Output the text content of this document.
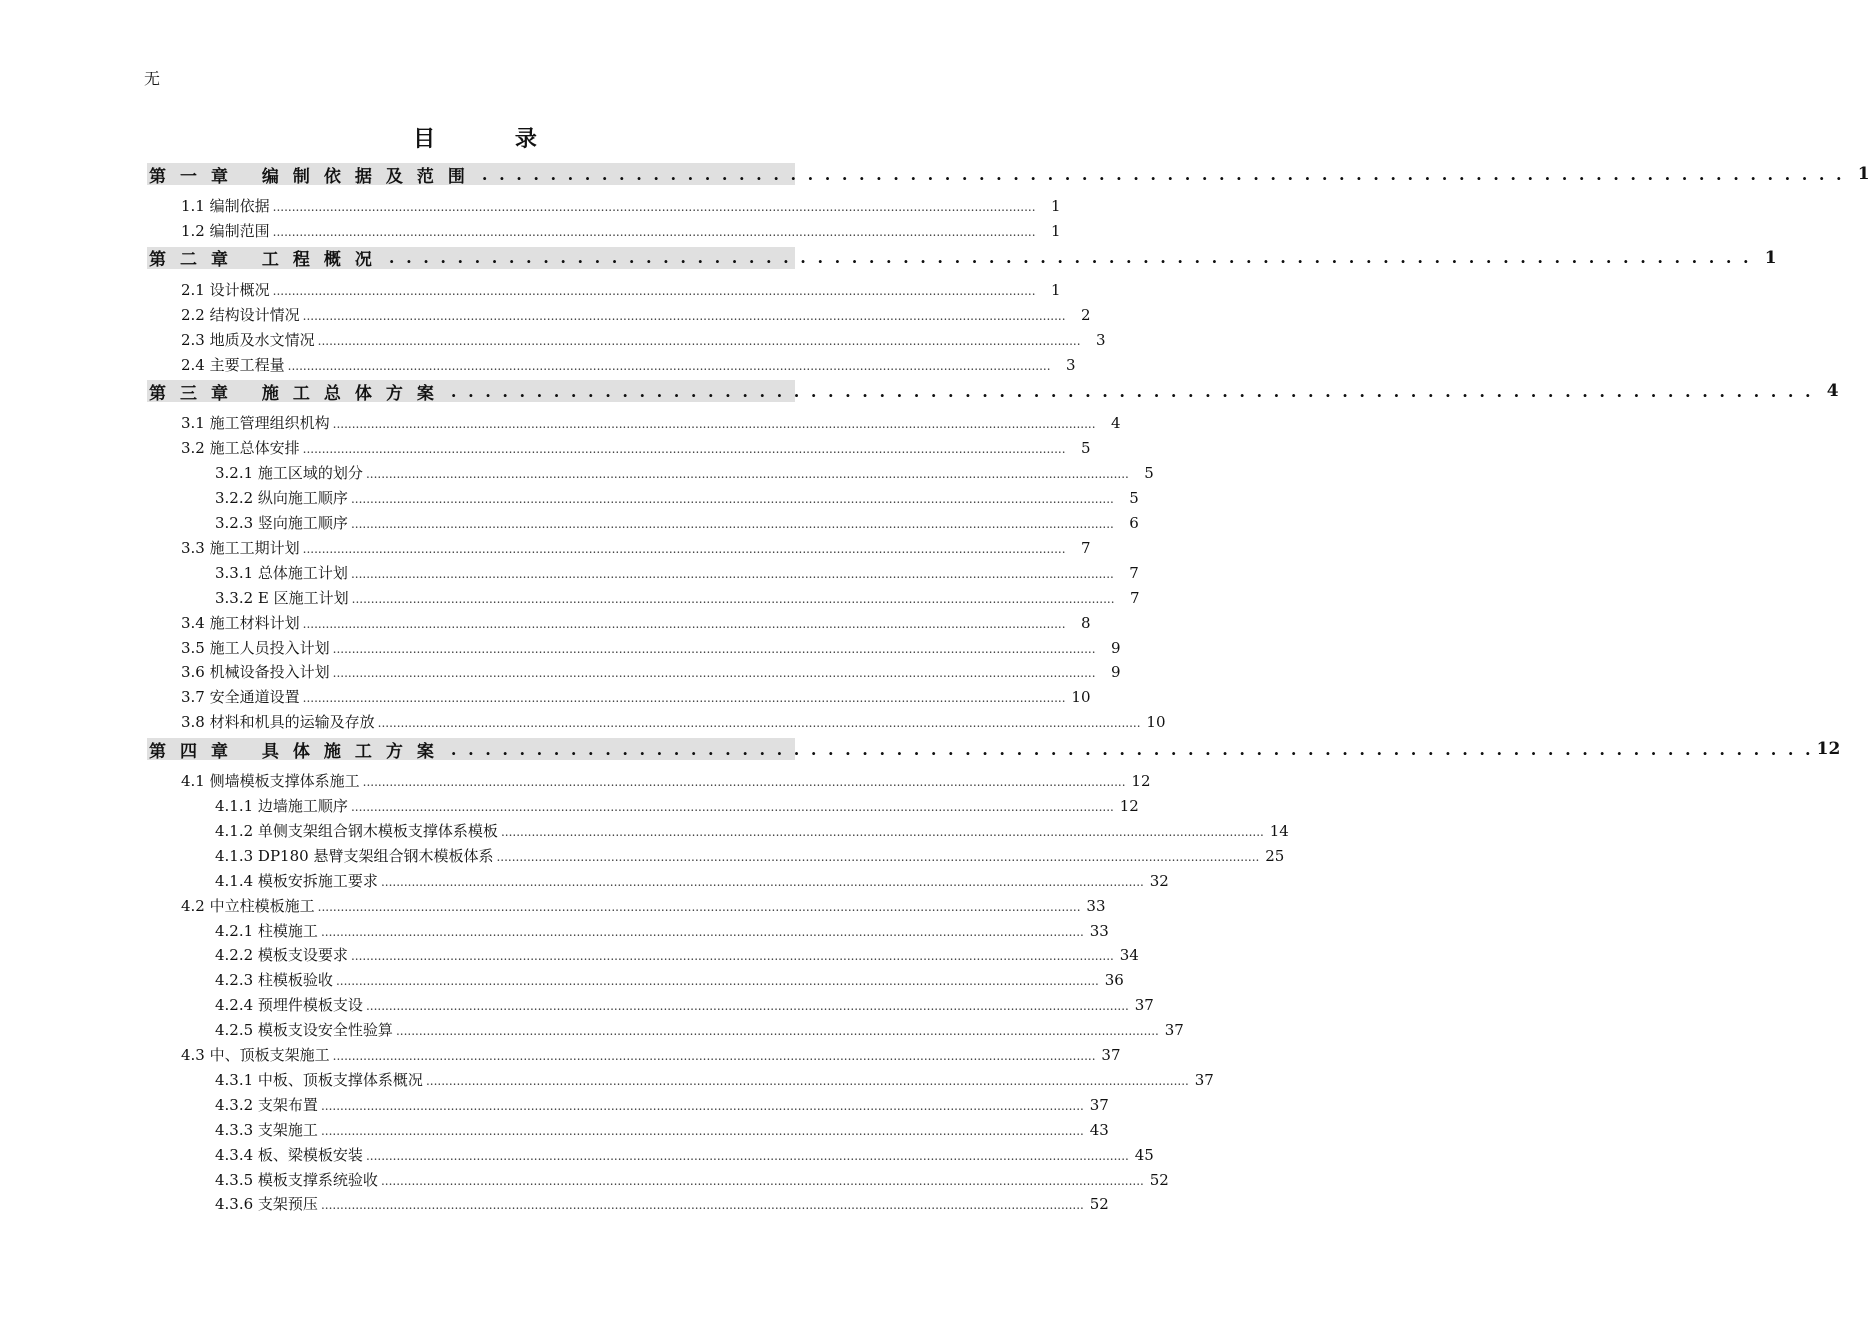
无
目 录
第一章 编制依据及范围 . . . . . . . . . . . . . . . . . . . . . . . . . . . . . . . . . . . . . . . . . . . . . . . . . . . . . . . . . . . . . . . . . . . . . . . . . . . . . . . . 1
1.1 编制依据 ........................................................................................................................................................................................................	1
1.2 编制范围 ........................................................................................................................................................................................................	1
第二章 工程概况 . . . . . . . . . . . . . . . . . . . . . . . . . . . . . . . . . . . . . . . . . . . . . . . . . . . . . . . . . . . . . . . . . . . . . . . . . . . . . . . . 1
2.1 设计概况 ........................................................................................................................................................................................................	1
2.2 结构设计情况 ........................................................................................................................................................................................................	2
2.3 地质及水文情况 ........................................................................................................................................................................................................	3
2.4 主要工程量 ........................................................................................................................................................................................................	3
第三章 施工总体方案 . . . . . . . . . . . . . . . . . . . . . . . . . . . . . . . . . . . . . . . . . . . . . . . . . . . . . . . . . . . . . . . . . . . . . . . . . . . . . . . . 4
3.1 施工管理组织机构 ........................................................................................................................................................................................................	4
3.2 施工总体安排 ........................................................................................................................................................................................................	5
3.2.1 施工区域的划分 ........................................................................................................................................................................................................	5
3.2.2 纵向施工顺序 ........................................................................................................................................................................................................	5
3.2.3 竖向施工顺序 ........................................................................................................................................................................................................	6
3.3 施工工期计划 ........................................................................................................................................................................................................	7
3.3.1 总体施工计划 ........................................................................................................................................................................................................	7
3.3.2 E 区施工计划 ........................................................................................................................................................................................................	7
3.4 施工材料计划 ........................................................................................................................................................................................................	8
3.5 施工人员投入计划 ........................................................................................................................................................................................................	9
3.6 机械设备投入计划 ........................................................................................................................................................................................................	9
3.7 安全通道设置 ........................................................................................................................................................................................................ 10
3.8 材料和机具的运输及存放 ........................................................................................................................................................................................................ 10
第四章 具体施工方案 . . . . . . . . . . . . . . . . . . . . . . . . . . . . . . . . . . . . . . . . . . . . . . . . . . . . . . . . . . . . . . . . . . . . . . . . . . . . . . . . 12
4.1 侧墙模板支撑体系施工 ........................................................................................................................................................................................................ 12
4.1.1 边墙施工顺序 ........................................................................................................................................................................................................ 12
4.1.2 单侧支架组合钢木模板支撑体系模板 ........................................................................................................................................................................................................ 14
4.1.3 DP180 悬臂支架组合钢木模板体系 ........................................................................................................................................................................................................ 25
4.1.4 模板安拆施工要求 ........................................................................................................................................................................................................ 32
4.2 中立柱模板施工 ........................................................................................................................................................................................................ 33
4.2.1 柱模施工 ........................................................................................................................................................................................................ 33
4.2.2 模板支设要求 ........................................................................................................................................................................................................ 34
4.2.3 柱模板验收 ........................................................................................................................................................................................................ 36
4.2.4 预埋件模板支设 ........................................................................................................................................................................................................ 37
4.2.5 模板支设安全性验算 ........................................................................................................................................................................................................ 37
4.3 中、顶板支架施工 ........................................................................................................................................................................................................ 37
4.3.1 中板、顶板支撑体系概况 ........................................................................................................................................................................................................ 37
4.3.2 支架布置 ........................................................................................................................................................................................................ 37
4.3.3 支架施工 ........................................................................................................................................................................................................ 43
4.3.4 板、梁模板安装 ........................................................................................................................................................................................................ 45
4.3.5 模板支撑系统验收 ........................................................................................................................................................................................................ 52
4.3.6 支架预压 ........................................................................................................................................................................................................ 52
